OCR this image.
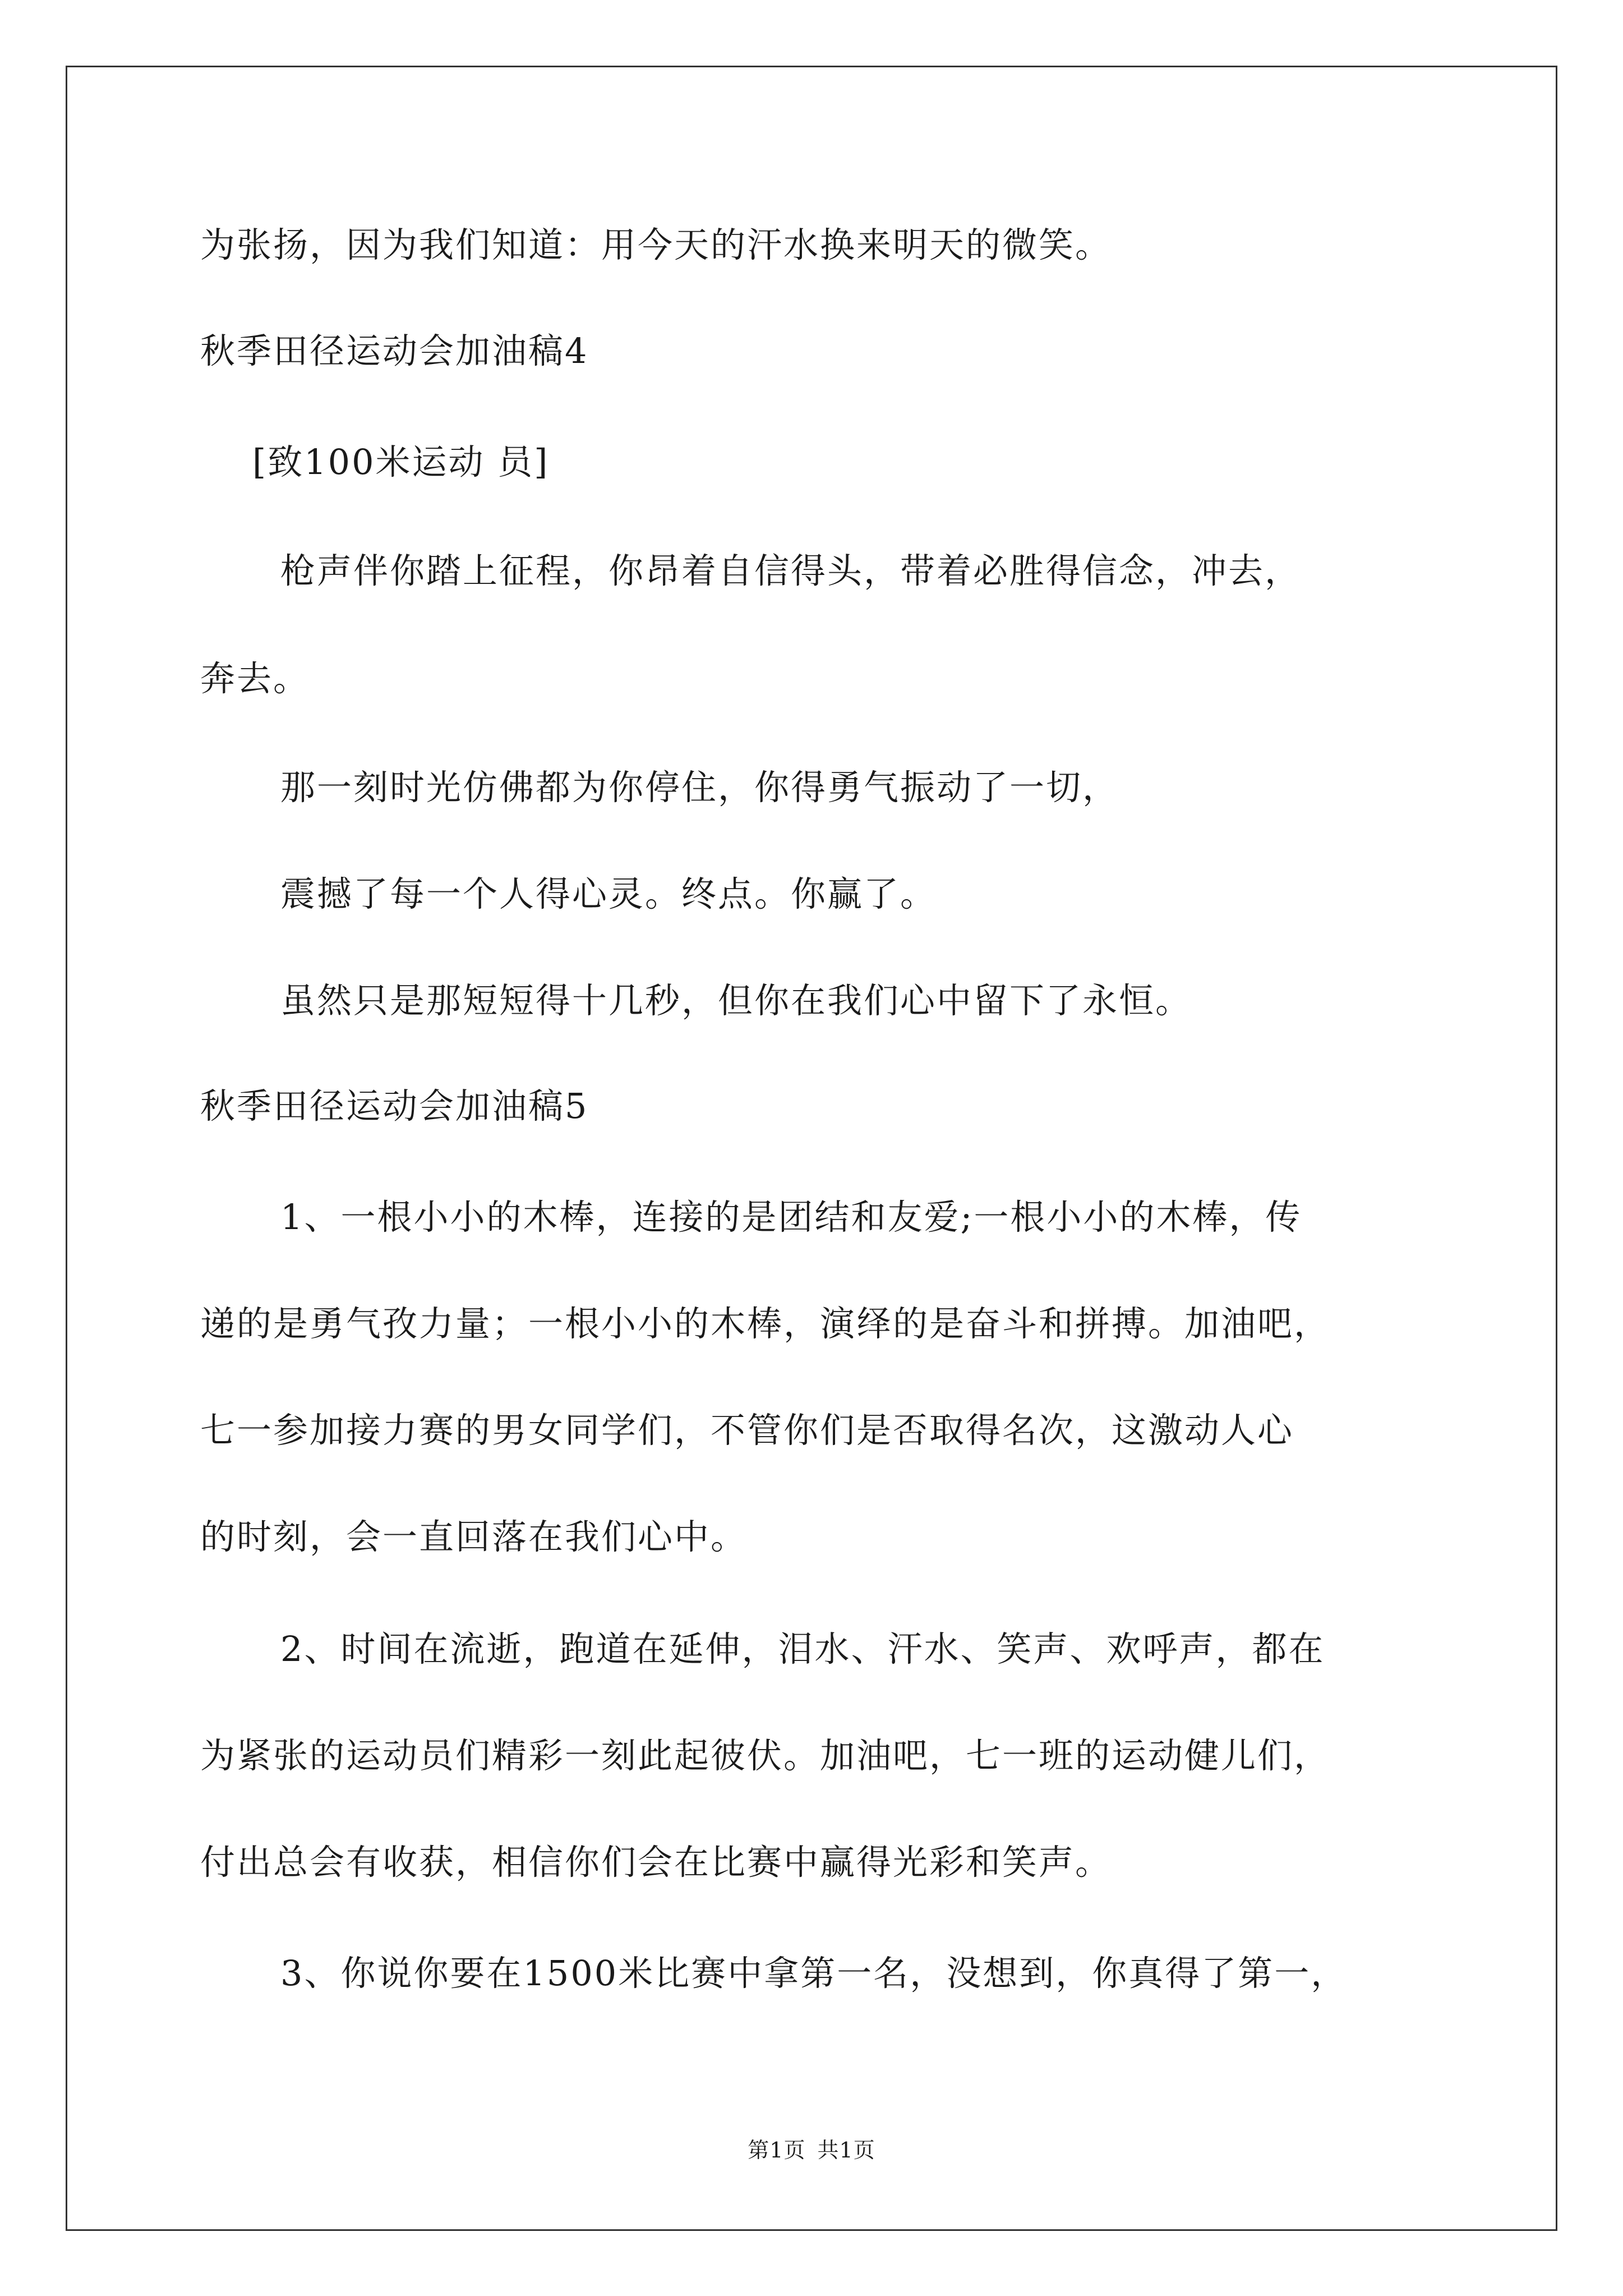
为张扬，因为我们知道：用今天的汗水换来明天的微笑。
秋季田径运动会加油稿4
[致100米运动 员]
枪声伴你踏上征程，你昂着自信得头，带着必胜得信念，冲去，
奔去。
那一刻时光仿佛都为你停住，你得勇气振动了一切，
震撼了每一个人得心灵。终点。你赢了。
虽然只是那短短得十几秒，但你在我们心中留下了永恒。
秋季田径运动会加油稿5
1、一根小小的木棒，连接的是团结和友爱;一根小小的木棒，传
递的是勇气孜力量；一根小小的木棒，演绎的是奋斗和拼搏。加油吧，
七一参加接力赛的男女同学们，不管你们是否取得名次，这激动人心
的时刻，会一直回落在我们心中。
2、时间在流逝，跑道在延伸，泪水、汗水、笑声、欢呼声，都在
为紧张的运动员们精彩一刻此起彼伏。加油吧，七一班的运动健儿们，
付出总会有收获，相信你们会在比赛中赢得光彩和笑声。
3、你说你要在1500米比赛中拿第一名，没想到，你真得了第一，
第1页 共1页
